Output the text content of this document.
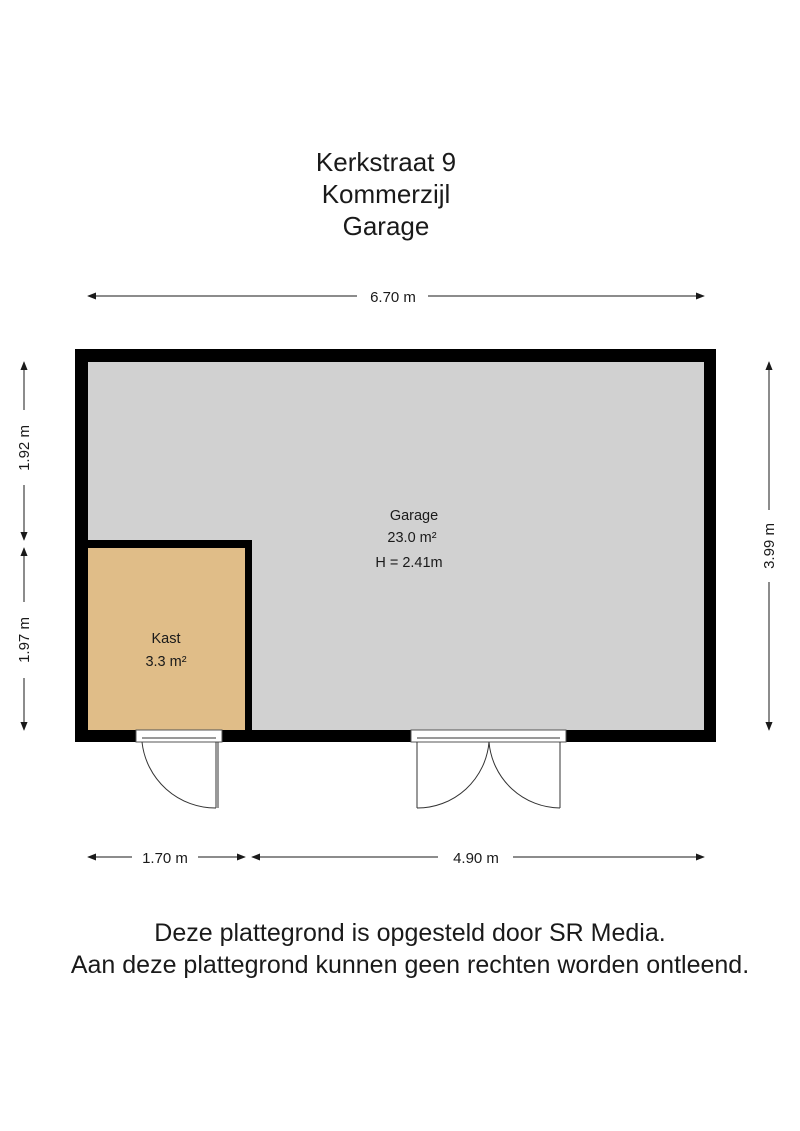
Kerkstraat 9
Kommerzijl
Garage
Garage
23.0 m²
H = 2.41m
Kast
3.3 m²
6.70 m
1.92 m
1.97 m
3.99 m
1.70 m	4.90 m
Deze plattegrond is opgesteld door SR Media.
Aan deze plattegrond kunnen geen rechten worden ontleend.
